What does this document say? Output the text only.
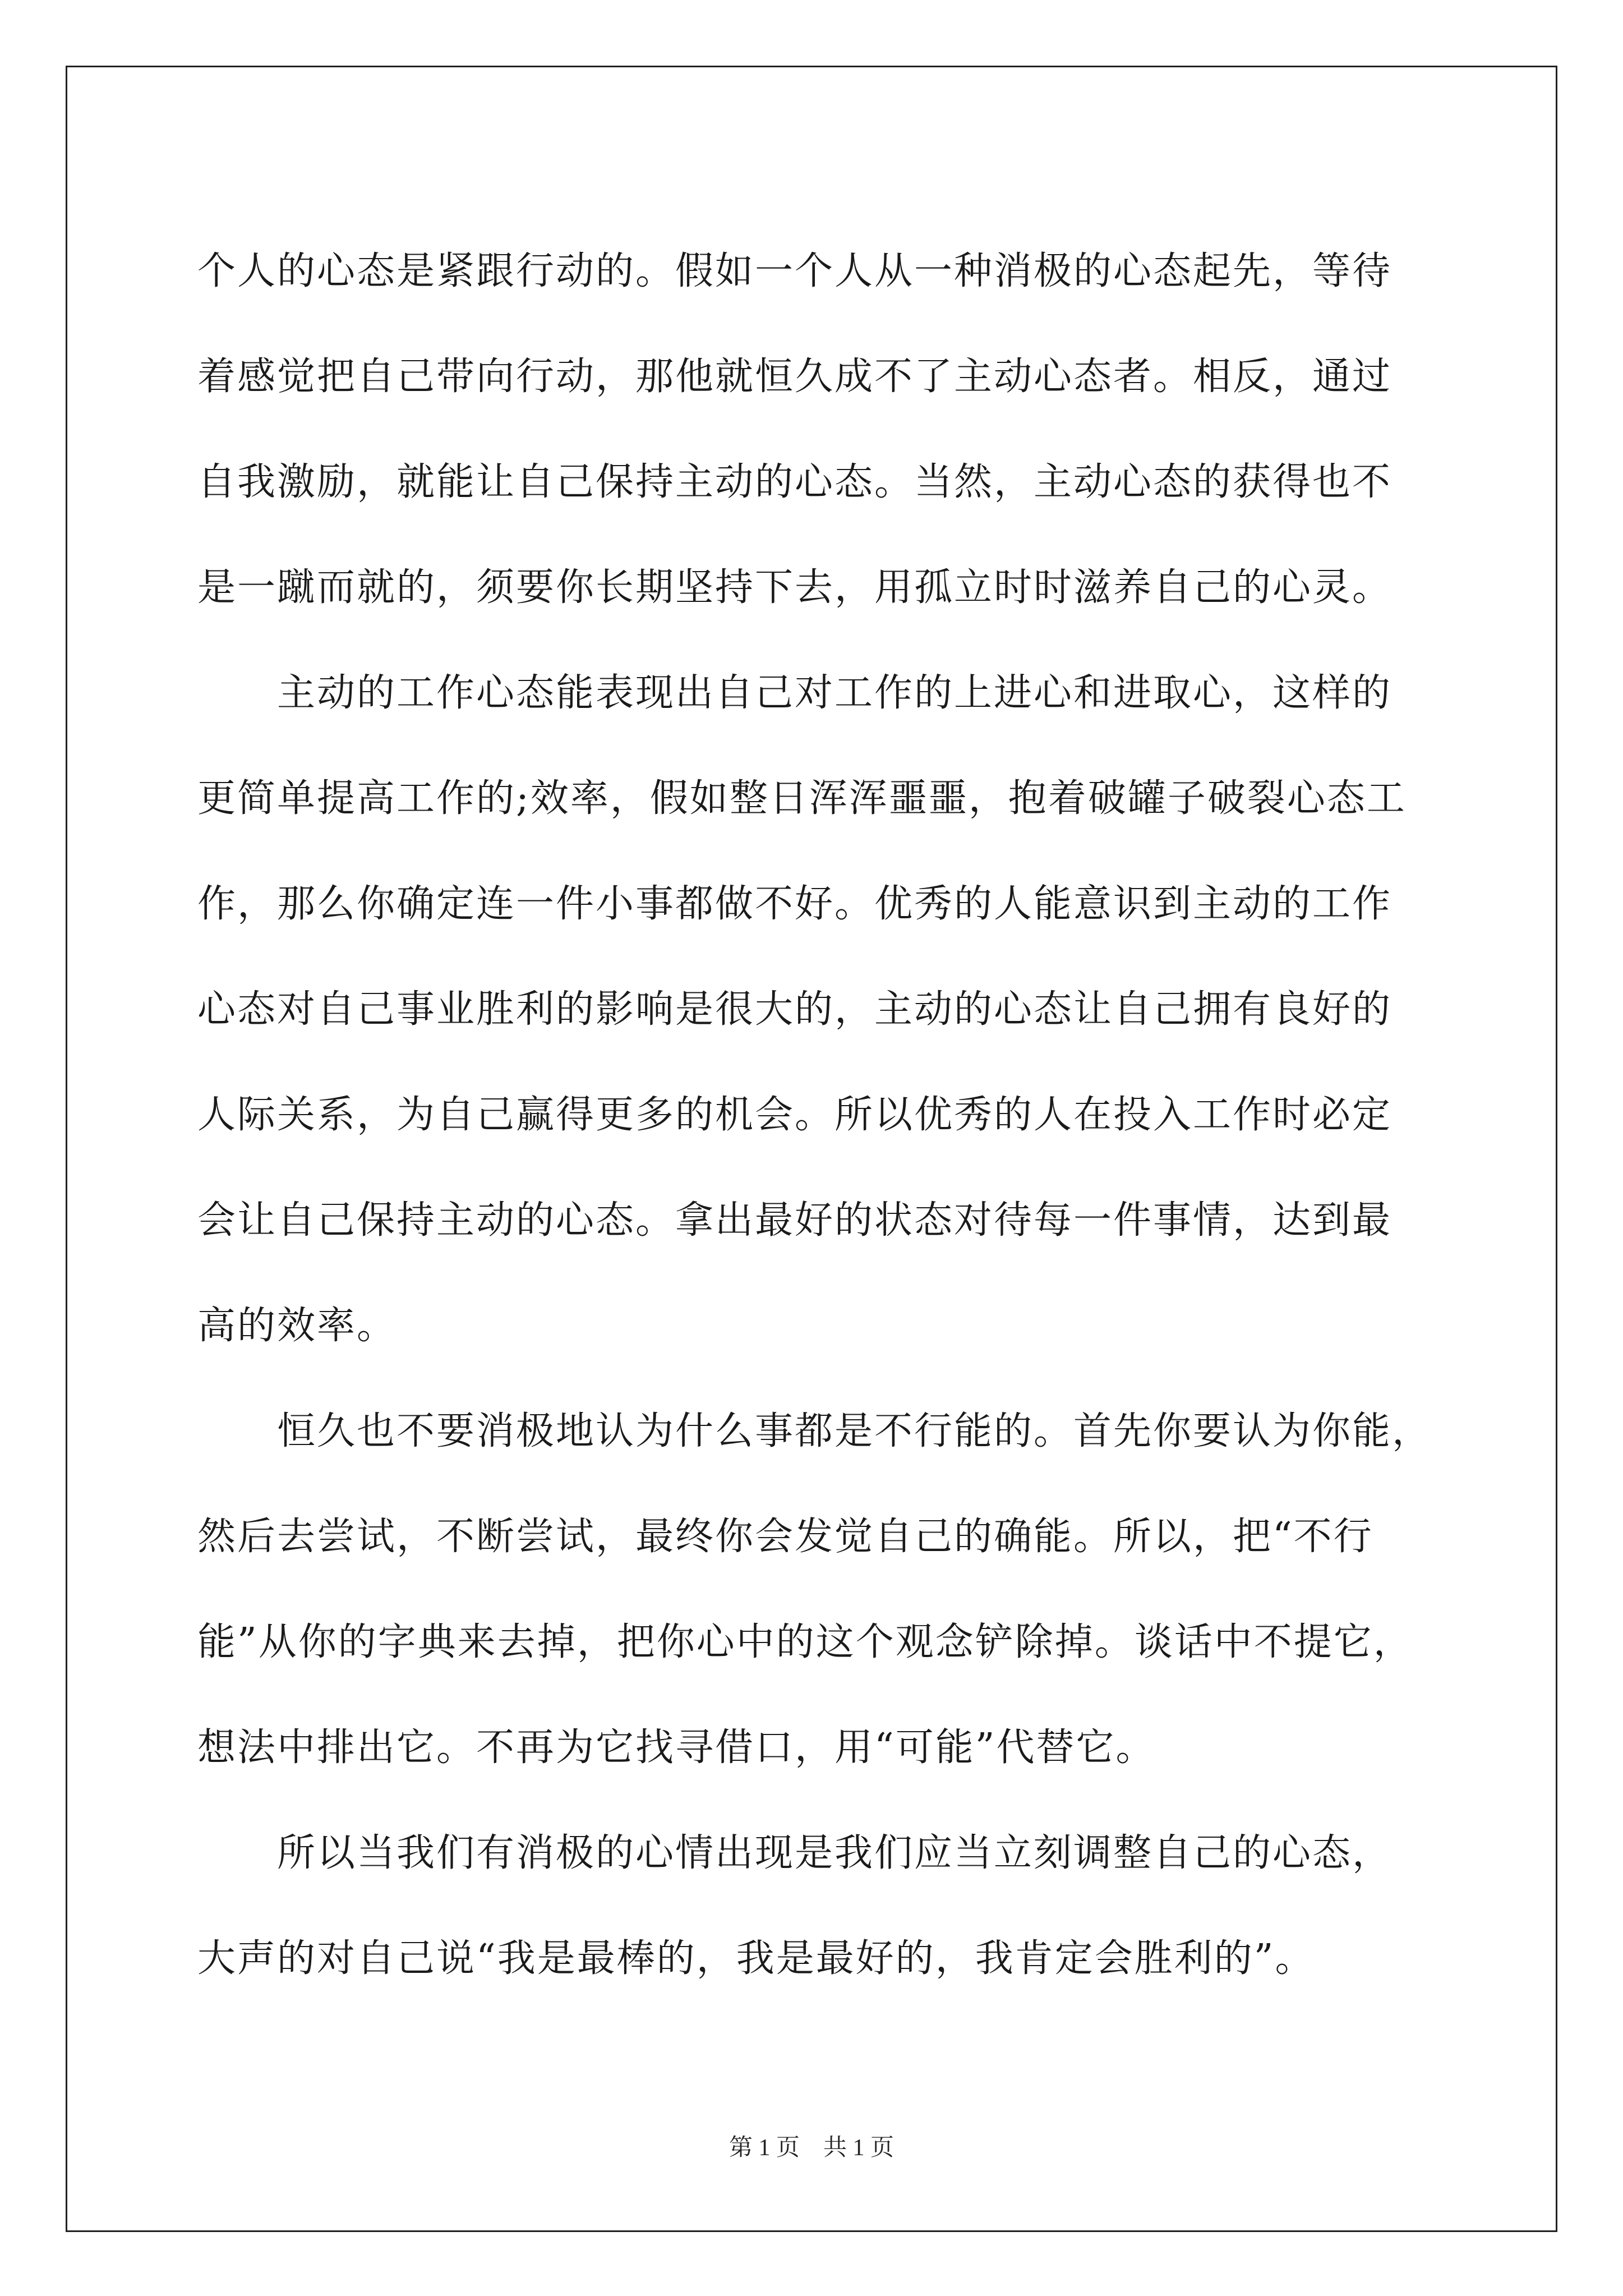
个人的心态是紧跟行动的。假如一个人从一种消极的心态起先，等待
着感觉把自己带向行动，那他就恒久成不了主动心态者。相反，通过
自我激励，就能让自己保持主动的心态。当然，主动心态的获得也不
是一蹴而就的，须要你长期坚持下去，用孤立时时滋养自己的心灵。
　　主动的工作心态能表现出自己对工作的上进心和进取心，这样的
更简单提高工作的;效率，假如整日浑浑噩噩，抱着破罐子破裂心态工
作，那么你确定连一件小事都做不好。优秀的人能意识到主动的工作
心态对自己事业胜利的影响是很大的，主动的心态让自己拥有良好的
人际关系，为自己赢得更多的机会。所以优秀的人在投入工作时必定
会让自己保持主动的心态。拿出最好的状态对待每一件事情，达到最
高的效率。
　　恒久也不要消极地认为什么事都是不行能的。首先你要认为你能，
然后去尝试，不断尝试，最终你会发觉自己的确能。所以，把“不行
能”从你的字典来去掉，把你心中的这个观念铲除掉。谈话中不提它，
想法中排出它。不再为它找寻借口，用“可能”代替它。
　　所以当我们有消极的心情出现是我们应当立刻调整自己的心态，
大声的对自己说“我是最棒的，我是最好的，我肯定会胜利的”。
第 1 页　共 1 页
